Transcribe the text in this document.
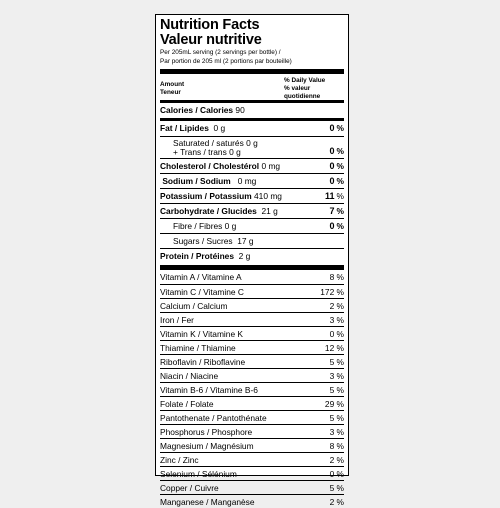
Nutrition Facts
Valeur nutritive
Per 205mL serving (2 servings per bottle) /
Par portion de 205 ml (2 portions par bouteille)
Amount
Teneur
% Daily Value
% valeur
quotidienne
Calories / Calories 90
Fat / Lipides 0 g	0 %
Saturated / saturés 0 g
+ Trans / trans 0 g	0 %
Cholesterol / Cholestérol 0 mg	0 %
Sodium / Sodium 0 mg	0 %
Potassium / Potassium 410 mg	11 %
Carbohydrate / Glucides 21 g	7 %
Fibre / Fibres 0 g	0 %
Sugars / Sucres 17 g
Protein / Protéines 2 g
Vitamin A / Vitamine A	8 %
Vitamin C / Vitamine C	172 %
Calcium / Calcium	2 %
Iron / Fer	3 %
Vitamin K / Vitamine K	0 %
Thiamine / Thiamine	12 %
Riboflavin / Riboflavine	5 %
Niacin / Niacine	3 %
Vitamin B-6 / Vitamine B-6	5 %
Folate / Folate	29 %
Pantothenate / Pantothénate	5 %
Phosphorus / Phosphore	3 %
Magnesium / Magnésium	8 %
Zinc / Zinc	2 %
Selenium / Sélénium	0 %
Copper / Cuivre	5 %
Manganese / Manganèse	2 %
